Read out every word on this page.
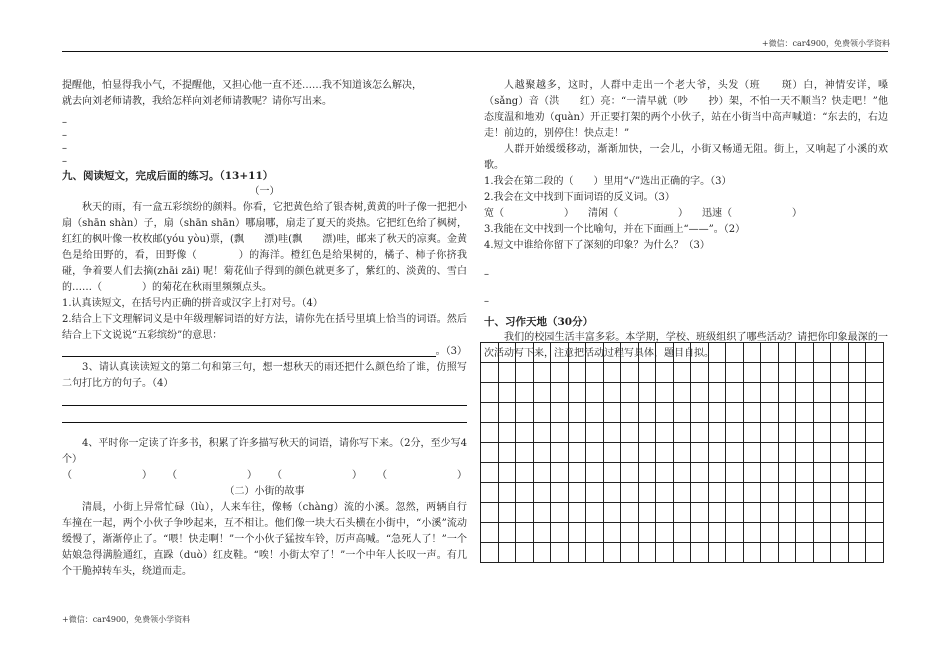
+微信：car4900，免费领小学资料

提醒他，怕显得我小气，不提醒他，又担心他一直不还……我不知道该怎么解决，

就去向刘老师请教，我给怎样向刘老师请教呢？请你写出来。

–
–
–
–

九、阅读短文，完成后面的练习。（13+11）

（一）

秋天的雨，有一盒五彩缤纷的颜料。你看，它把黄色给了银杏树,黄黄的叶子像一把把小扇（shān shàn）子，扇（shān shān）哪扇哪，扇走了夏天的炎热。它把红色给了枫树，红红的枫叶像一枚枚邮(yóu yòu)票，(飘　　漂)哇(飘　　漂)哇，邮来了秋天的凉爽。金黄色是给田野的，看，田野像（　　　　）的海洋。橙红色是给果树的，橘子、柿子你挤我碰，争着要人们去摘(zhāi zāi) 呢！菊花仙子得到的颜色就更多了，紫红的、淡黄的、雪白的……（　　　　）的菊花在秋雨里频频点头。

1.认真读短文，在括号内正确的拼音或汉字上打对号。（4）

2.结合上下文理解词义是中年级理解词语的好方法，请你先在括号里填上恰当的词语。然后结合上下文说说“五彩缤纷”的意思：

。（3）

3、请认真读读短文的第二句和第三句，想一想秋天的雨还把什么颜色给了谁，仿照写二句打比方的句子。（4）

4、平时你一定读了许多书，积累了许多描写秋天的词语，请你写下来。（2分，至少写4个）

（　　　　　　　） （　　　　　　　） （　　　　　　　） （　　　　　　　）

（二）小街的故事

清晨，小街上异常忙碌（lù），人来车往，像畅（chàng）流的小溪。忽然，两辆自行车撞在一起，两个小伙子争吵起来，互不相让。他们像一块大石头横在小街中，“小溪”流动缓慢了，渐渐停止了。“喂！快走啊！”一个小伙子猛按车铃，厉声高喊。“急死人了！”一个姑娘急得满脸通红，直跺（duò）红皮鞋。“唉！小街太窄了！”一个中年人长叹一声。有几个干脆掉转车头，绕道而走。

人越聚越多，这时，人群中走出一个老大爷，头发（班　　斑）白，神情安详，嗓（sǎng）音（洪　　红）亮：“一清早就（吵　　抄）架，不怕一天不顺当？快走吧！”他态度温和地劝（quàn）开正要打架的两个小伙子，站在小街当中高声喊道：“东去的，右边走！前边的，别停住！快点走！”

人群开始缓缓移动，渐渐加快，一会儿，小街又畅通无阻。街上，又响起了小溪的欢歌。

1.我会在第二段的（　　）里用“√”选出正确的字。（3）

2.我会在文中找到下面词语的反义词。（3）

宽（　　　　　　） 清闲（　　　　　　） 迅速（　　　　　　）

3.我能在文中找到一个比喻句，并在下面画上“——”。（2）

4.短文中谁给你留下了深刻的印象？为什么？（3）

–
–

十、习作天地（30分）

我们的校园生活丰富多彩。本学期，学校、班级组织了哪些活动？请把你印象最深的一次活动写下来，注意把活动过程写具体，题目自拟。

+微信：car4900，免费领小学资料
